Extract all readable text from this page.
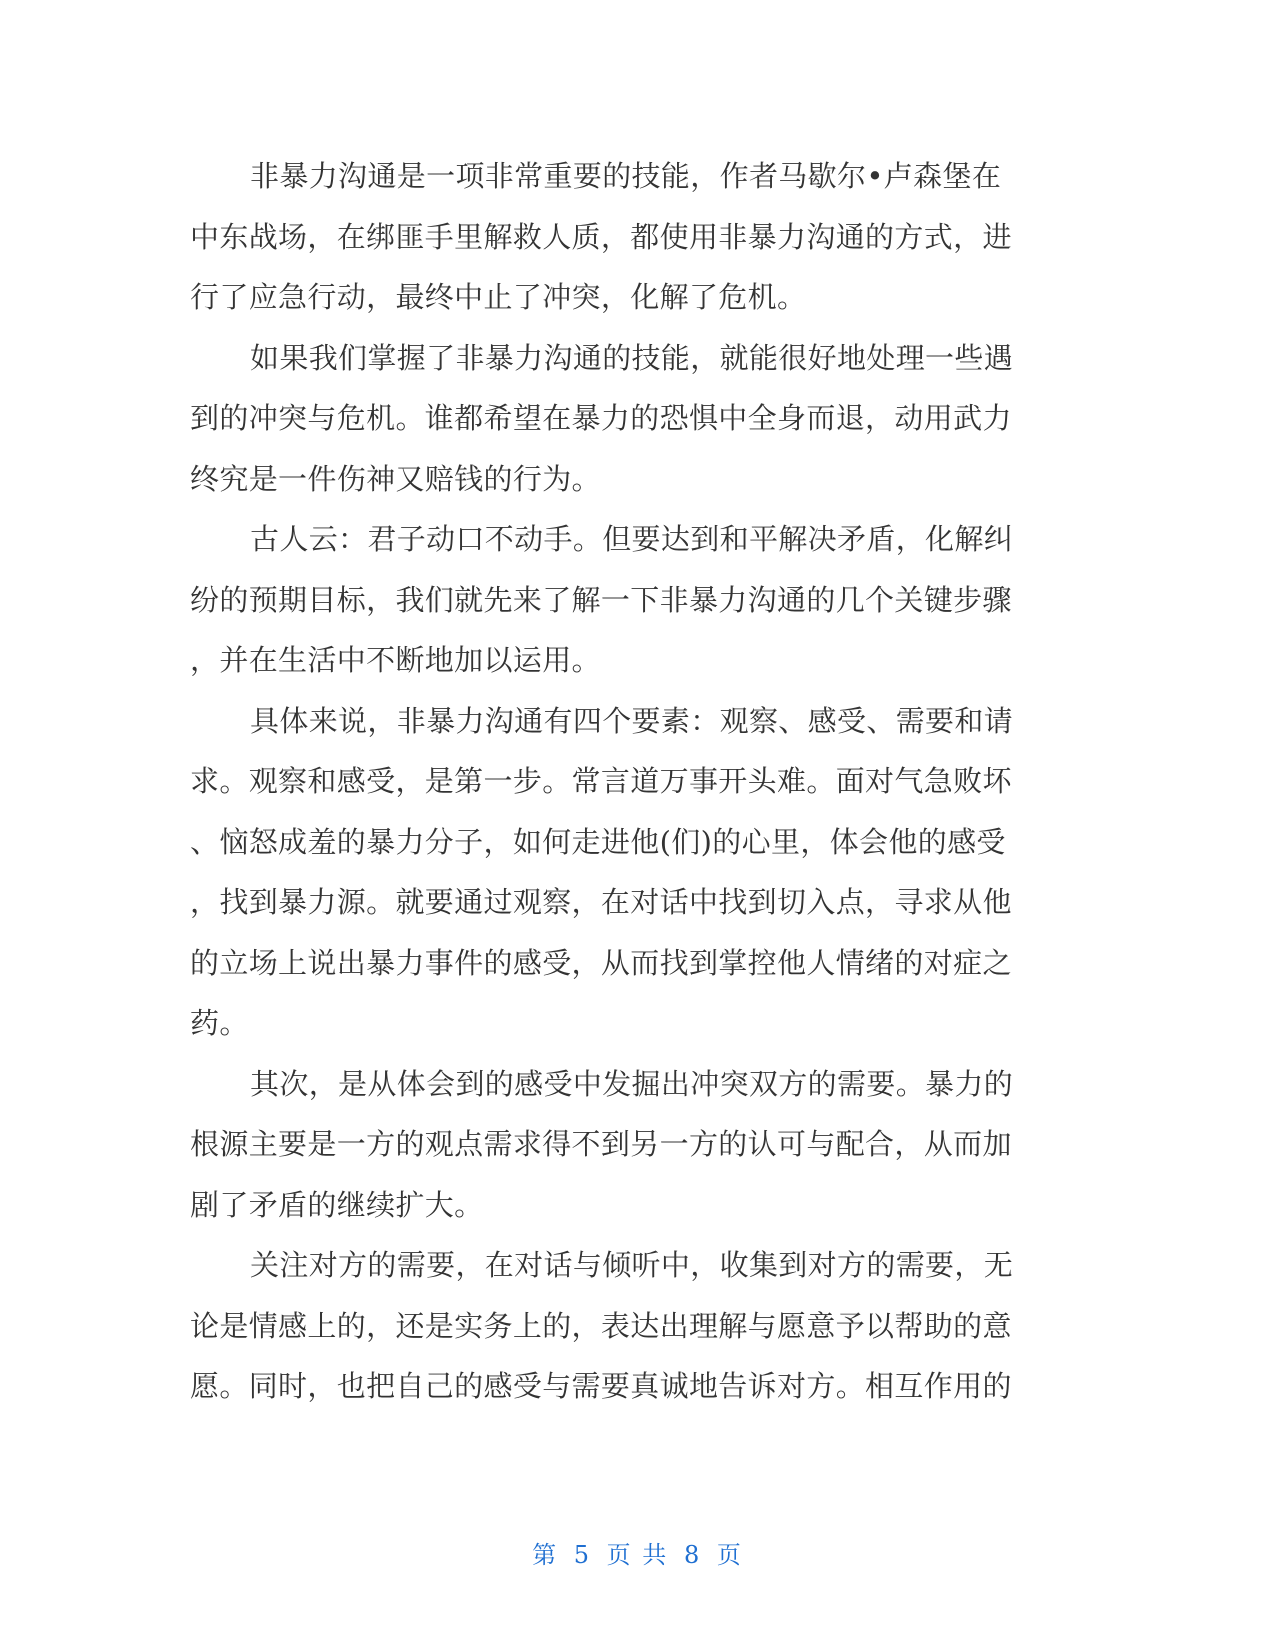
非暴力沟通是一项非常重要的技能，作者马歇尔•卢森堡在
中东战场，在绑匪手里解救人质，都使用非暴力沟通的方式，进
行了应急行动，最终中止了冲突，化解了危机。
如果我们掌握了非暴力沟通的技能，就能很好地处理一些遇
到的冲突与危机。谁都希望在暴力的恐惧中全身而退，动用武力
终究是一件伤神又赔钱的行为。
古人云：君子动口不动手。但要达到和平解决矛盾，化解纠
纷的预期目标，我们就先来了解一下非暴力沟通的几个关键步骤
，并在生活中不断地加以运用。
具体来说，非暴力沟通有四个要素：观察、感受、需要和请
求。观察和感受，是第一步。常言道万事开头难。面对气急败坏
、恼怒成羞的暴力分子，如何走进他(们)的心里，体会他的感受
，找到暴力源。就要通过观察，在对话中找到切入点，寻求从他
的立场上说出暴力事件的感受，从而找到掌控他人情绪的对症之
药。
其次，是从体会到的感受中发掘出冲突双方的需要。暴力的
根源主要是一方的观点需求得不到另一方的认可与配合，从而加
剧了矛盾的继续扩大。
关注对方的需要，在对话与倾听中，收集到对方的需要，无
论是情感上的，还是实务上的，表达出理解与愿意予以帮助的意
愿。同时，也把自己的感受与需要真诚地告诉对方。相互作用的
第 5 页 共 8 页
